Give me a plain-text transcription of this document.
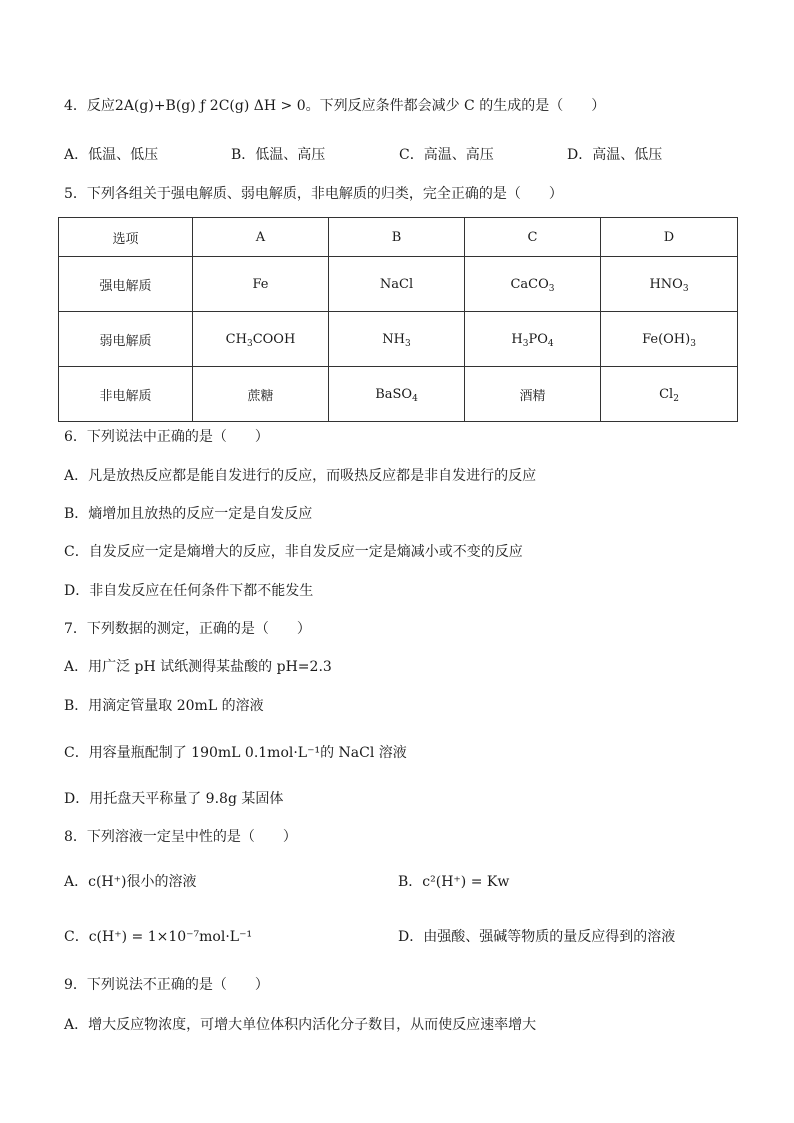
4．反应2A(g)+B(g) ƒ 2C(g) ΔH > 0。下列反应条件都会减少 C 的生成的是（　　）
A．低温、低压	B．低温、高压	C．高温、高压	D．高温、低压
5．下列各组关于强电解质、弱电解质，非电解质的归类，完全正确的是（　　）
选项	A	B	C	D
强电解质	Fe	NaCl	CaCO$_3$	$HNO_3$
弱电解质	$CH_3COOH$	$NH_3$	$H_3PO_4$	$Fe(OH)_3$
非电解质	蔗糖	BaSO$_4$	酒精	$Cl_2$
6．下列说法中正确的是（　　）
A．凡是放热反应都是能自发进行的反应，而吸热反应都是非自发进行的反应
B．熵增加且放热的反应一定是自发反应
C．自发反应一定是熵增大的反应，非自发反应一定是熵减小或不变的反应
D．非自发反应在任何条件下都不能发生
7．下列数据的测定，正确的是（　　）
A．用广泛 pH 试纸测得某盐酸的 pH=2.3
B．用滴定管量取 20mL 的溶液
C．用容量瓶配制了 190mL 0.1mol·L⁻¹的 NaCl 溶液
D．用托盘天平称量了 9.8g 某固体
8．下列溶液一定呈中性的是（　　）
A．c(H⁺)很小的溶液	B．c²(H⁺) = Kw
C．c(H⁺) = 1×10⁻⁷mol·L⁻¹	D．由强酸、强碱等物质的量反应得到的溶液
9．下列说法不正确的是（　　）
A．增大反应物浓度，可增大单位体积内活化分子数目，从而使反应速率增大
